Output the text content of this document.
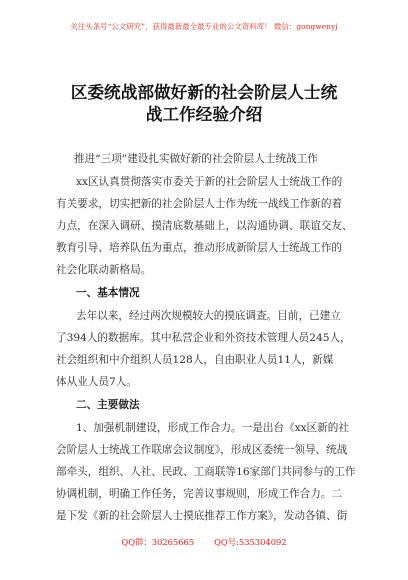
关注头条号“公文研究”，获得最新最全最专业的公文资料库！ 微信：gongwenyj
区委统战部做好新的社会阶层人士统
战工作经验介绍
推进“三项”建设扎实做好新的社会阶层人士统战工作
xx区认真贯彻落实市委关于新的社会阶层人士统战工作的
有关要求，切实把新的社会阶层人士作为统一战线工作新的着
力点，在深入调研、摸清底数基础上，以沟通协调、联谊交友、
教育引导、培养队伍为重点，推动形成新阶层人士统战工作的
社会化联动新格局。
一、基本情况
去年以来，经过两次规模较大的摸底调查。目前，已建立
了394人的数据库。其中私营企业和外资技术管理人员245人，
社会组织和中介组织人员128人，自由职业人员11人，新媒
体从业人员7人。
二、主要做法
1、加强机制建设，形成工作合力。一是出台《xx区新的社
会阶层人士统战工作联席会议制度》，形成区委统一领导、统战
部牵头，组织、人社、民政、工商联等16家部门共同参与的工作
协调机制，明确工作任务，完善议事规则，形成工作合力。二
是下发《新的社会阶层人士摸底推荐工作方案》，发动各镇、街
QQ群：30265665 QQ号:535304092
